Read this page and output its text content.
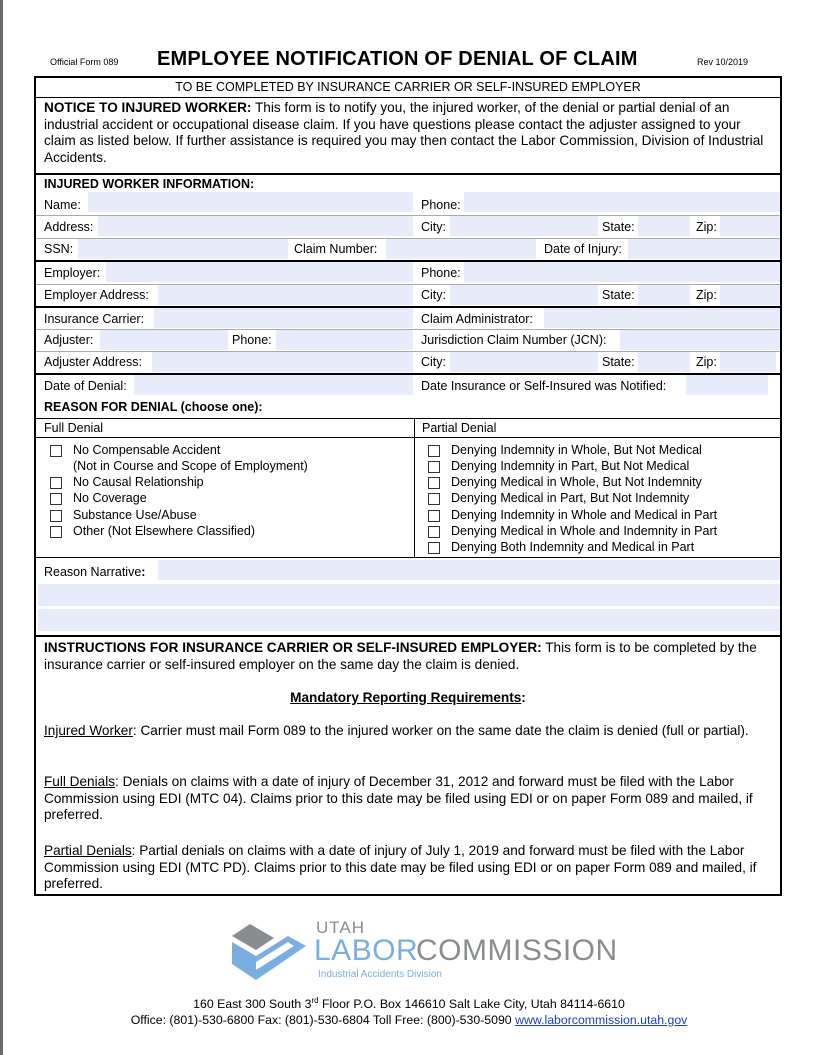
Official Form 089 EMPLOYEE NOTIFICATION OF DENIAL OF CLAIM	Rev 10/2019
TO BE COMPLETED BY INSURANCE CARRIER OR SELF-INSURED EMPLOYER
NOTICE TO INJURED WORKER: This form is to notify you, the injured worker, of the denial or partial denial of an industrial accident or occupational disease claim. If you have questions please contact the adjuster assigned to your claim as listed below. If further assistance is required you may then contact the Labor Commission, Division of Industrial Accidents.
INJURED WORKER INFORMATION:
Name:	Phone:
Address:	City:	State:	Zip:
SSN:	Claim Number:	Date of Injury:
Employer:	Phone:
Employer Address:	City:	State:	Zip:
Insurance Carrier:	Claim Administrator:
Adjuster:	Phone:	Jurisdiction Claim Number (JCN):
Adjuster Address:	City:	State:	Zip:
Date of Denial:	Date Insurance or Self-Insured was Notified:
REASON FOR DENIAL (choose one):
Full Denial	Partial Denial
No Compensable Accident
(Not in Course and Scope of Employment)
No Causal Relationship
No Coverage
Substance Use/Abuse
Other (Not Elsewhere Classified)
Denying Indemnity in Whole, But Not Medical
Denying Indemnity in Part, But Not Medical
Denying Medical in Whole, But Not Indemnity
Denying Medical in Part, But Not Indemnity
Denying Indemnity in Whole and Medical in Part
Denying Medical in Whole and Indemnity in Part
Denying Both Indemnity and Medical in Part
Reason Narrative:
INSTRUCTIONS FOR INSURANCE CARRIER OR SELF-INSURED EMPLOYER: This form is to be completed by the insurance carrier or self-insured employer on the same day the claim is denied.
Mandatory Reporting Requirements:
Injured Worker: Carrier must mail Form 089 to the injured worker on the same date the claim is denied (full or partial).
Full Denials: Denials on claims with a date of injury of December 31, 2012 and forward must be filed with the Labor Commission using EDI (MTC 04). Claims prior to this date may be filed using EDI or on paper Form 089 and mailed, if preferred.
Partial Denials: Partial denials on claims with a date of injury of July 1, 2019 and forward must be filed with the Labor Commission using EDI (MTC PD). Claims prior to this date may be filed using EDI or on paper Form 089 and mailed, if preferred.
UTAH
LABOR
COMMISSION
Industrial Accidents Division
160 East 300 South 3rd Floor P.O. Box 146610 Salt Lake City, Utah 84114-6610
Office: (801)-530-6800 Fax: (801)-530-6804 Toll Free: (800)-530-5090 www.laborcommission.utah.gov
